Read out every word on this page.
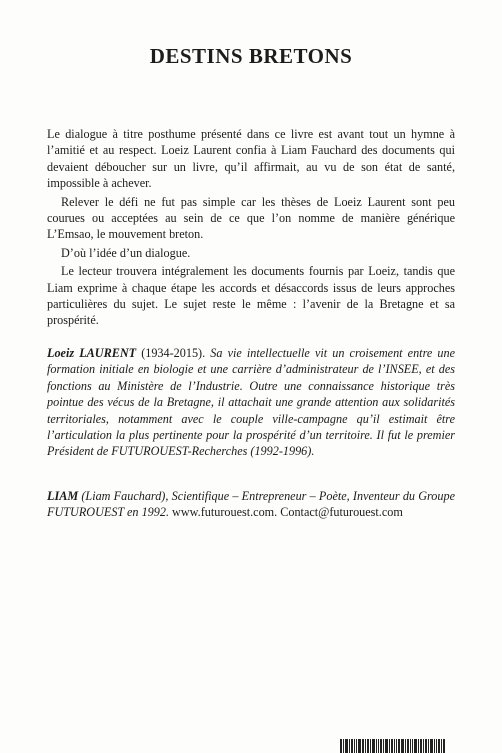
DESTINS BRETONS

Le dialogue à titre posthume présenté dans ce livre est avant tout un hymne à l’amitié et au respect. Loeiz Laurent confia à Liam Fauchard des documents qui devaient déboucher sur un livre, qu’il affirmait, au vu de son état de santé, impossible à achever.

Relever le défi ne fut pas simple car les thèses de Loeiz Laurent sont peu courues ou acceptées au sein de ce que l’on nomme de manière générique L’Emsao, le mouvement breton.

D’où l’idée d’un dialogue.

Le lecteur trouvera intégralement les documents fournis par Loeiz, tandis que Liam exprime à chaque étape les accords et désaccords issus de leurs approches particulières du sujet. Le sujet reste le même : l’avenir de la Bretagne et sa prospérité.

Loeiz LAURENT (1934-2015). Sa vie intellectuelle vit un croisement entre une formation initiale en biologie et une carrière d’administrateur de l’INSEE, et des fonctions au Ministère de l’Industrie. Outre une connaissance historique très pointue des vécus de la Bretagne, il attachait une grande attention aux solidarités territoriales, notamment avec le couple ville-campagne qu’il estimait être l’articulation la plus pertinente pour la prospérité d’un territoire. Il fut le premier Président de FUTUROUEST-Recherches (1992-1996).

LIAM (Liam Fauchard), Scientifique – Entrepreneur – Poète, Inventeur du Groupe FUTUROUEST en 1992. www.futurouest.com. Contact@futurouest.com
